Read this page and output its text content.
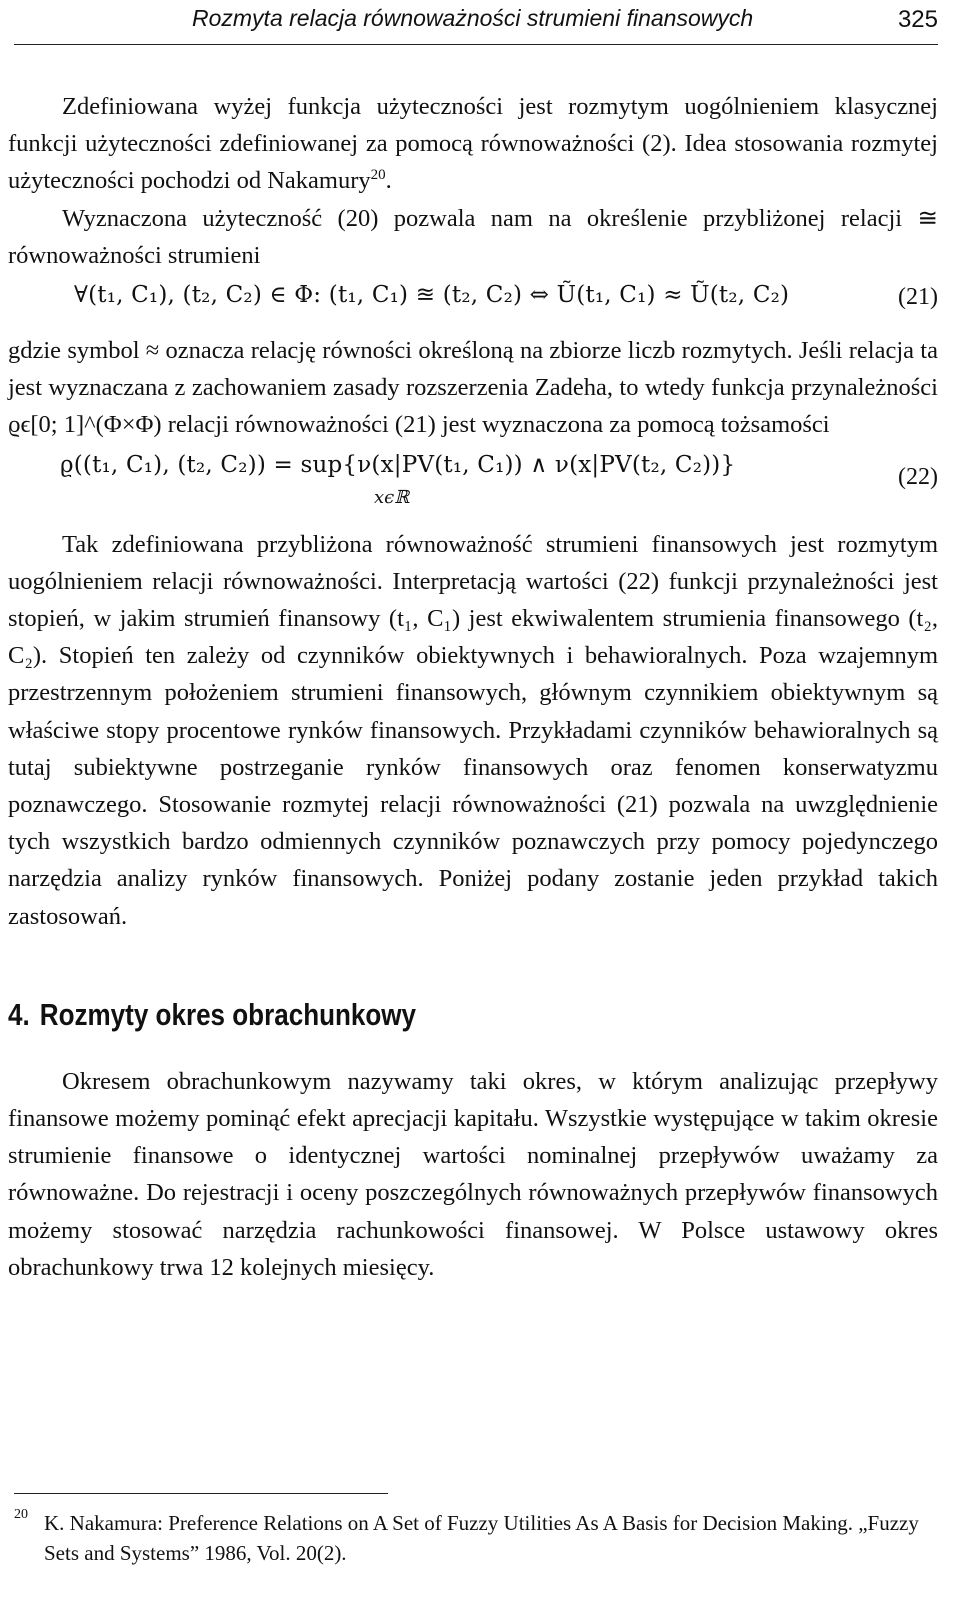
Rozmyta relacja równoważności strumieni finansowych	325

Zdefiniowana wyżej funkcja użyteczności jest rozmytym uogólnieniem klasycznej funkcji użyteczności zdefiniowanej za pomocą równoważności (2). Idea stosowania rozmytej użyteczności pochodzi od Nakamury$^{20}$.

Wyznaczona użyteczność (20) pozwala nam na określenie przybliżonej relacji ≅ równoważności strumieni

∀(t₁, C₁), (t₂, C₂) ∈ Φ: (t₁, C₁) ≊ (t₂, C₂) ⇔ Ũ(t₁, C₁) ≈ Ũ(t₂, C₂)	(21)

gdzie symbol ≈ oznacza relację równości określoną na zbiorze liczb rozmytych. Jeśli relacja ta jest wyznaczana z zachowaniem zasady rozszerzenia Zadeha, to wtedy funkcja przynależności ϱϵ[0; 1]^(Φ×Φ) relacji równoważności (21) jest wyznaczona za pomocą tożsamości

ϱ((t₁, C₁), (t₂, C₂)) = sup{ν(x|PV(t₁, C₁)) ∧ ν(x|PV(t₂, C₂))}
xϵℝ
(22)

Tak zdefiniowana przybliżona równoważność strumieni finansowych jest rozmytym uogólnieniem relacji równoważności. Interpretacją wartości (22) funkcji przynależności jest stopień, w jakim strumień finansowy (t₁, C₁) jest ekwiwalentem strumienia finansowego (t₂, C₂). Stopień ten zależy od czynników obiektywnych i behawioralnych. Poza wzajemnym przestrzennym położeniem strumieni finansowych, głównym czynnikiem obiektywnym są właściwe stopy procentowe rynków finansowych. Przykładami czynników behawioralnych są tutaj subiektywne postrzeganie rynków finansowych oraz fenomen konserwatyzmu poznawczego. Stosowanie rozmytej relacji równoważności (21) pozwala na uwzględnienie tych wszystkich bardzo odmiennych czynników poznawczych przy pomocy pojedynczego narzędzia analizy rynków finansowych. Poniżej podany zostanie jeden przykład takich zastosowań.

4. Rozmyty okres obrachunkowy

Okresem obrachunkowym nazywamy taki okres, w którym analizując przepływy finansowe możemy pominąć efekt aprecjacji kapitału. Wszystkie występujące w takim okresie strumienie finansowe o identycznej wartości nominalnej przepływów uważamy za równoważne. Do rejestracji i oceny poszczególnych równoważnych przepływów finansowych możemy stosować narzędzia rachunkowości finansowej. W Polsce ustawowy okres obrachunkowy trwa 12 kolejnych miesięcy.

20 K. Nakamura: Preference Relations on A Set of Fuzzy Utilities As A Basis for Decision Making. „Fuzzy Sets and Systems” 1986, Vol. 20(2).
